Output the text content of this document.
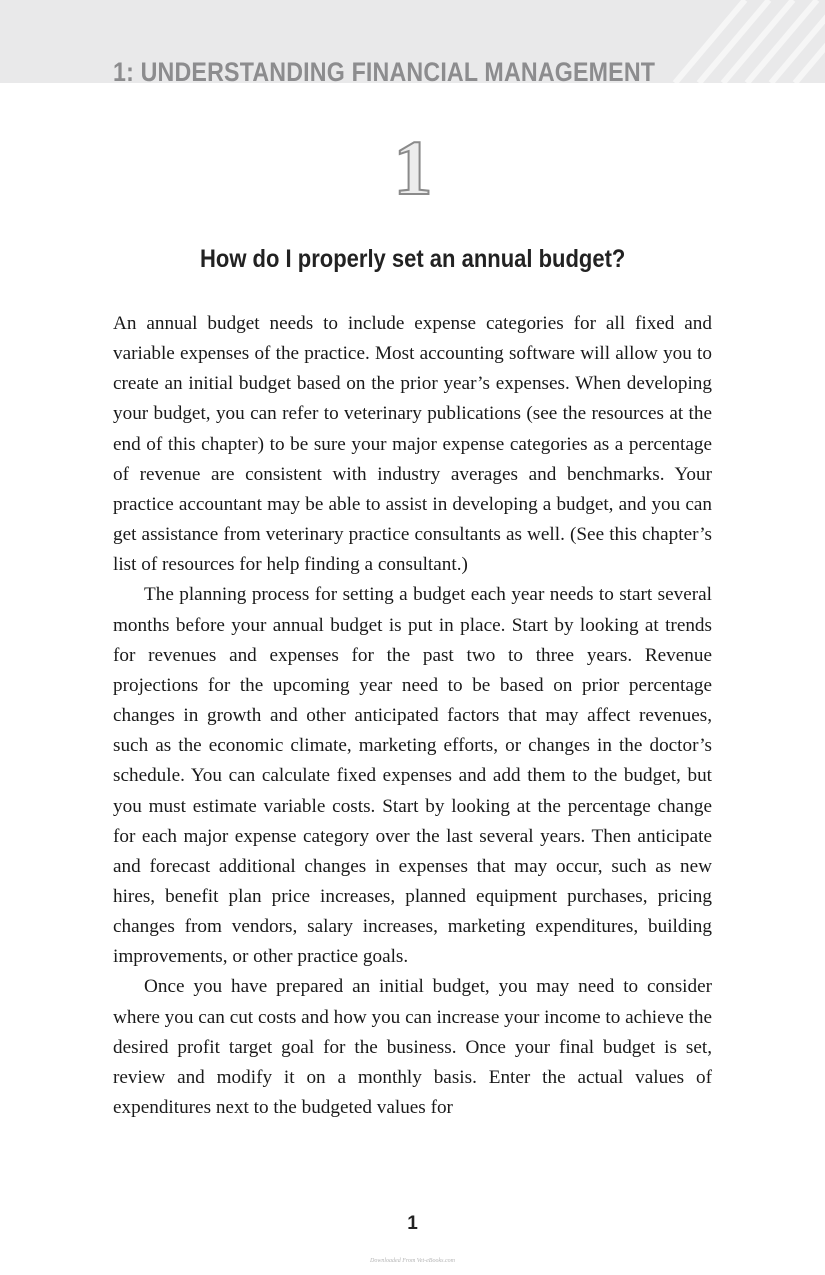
1: UNDERSTANDING FINANCIAL MANAGEMENT
1
How do I properly set an annual budget?

An annual budget needs to include expense categories for all fixed and variable expenses of the practice. Most accounting software will allow you to create an initial budget based on the prior year’s expenses. When developing your budget, you can refer to veterinary publications (see the resources at the end of this chapter) to be sure your major expense categories as a percentage of revenue are consistent with industry averages and benchmarks. Your practice accountant may be able to assist in developing a budget, and you can get assistance from veterinary practice consultants as well. (See this chapter’s list of resources for help finding a consultant.)

The planning process for setting a budget each year needs to start several months before your annual budget is put in place. Start by looking at trends for revenues and expenses for the past two to three years. Revenue projections for the upcoming year need to be based on prior percentage changes in growth and other anticipated factors that may affect revenues, such as the economic climate, marketing efforts, or changes in the doctor’s schedule. You can calculate fixed expenses and add them to the budget, but you must estimate variable costs. Start by looking at the percentage change for each major expense category over the last several years. Then anticipate and forecast additional changes in expenses that may occur, such as new hires, benefit plan price increases, planned equipment purchases, pricing changes from vendors, salary increases, marketing expenditures, building improvements, or other practice goals.

Once you have prepared an initial budget, you may need to consider where you can cut costs and how you can increase your income to achieve the desired profit target goal for the business. Once your final budget is set, review and modify it on a monthly basis. Enter the actual values of expenditures next to the budgeted values for

1
Downloaded From Vet-eBooks.com
